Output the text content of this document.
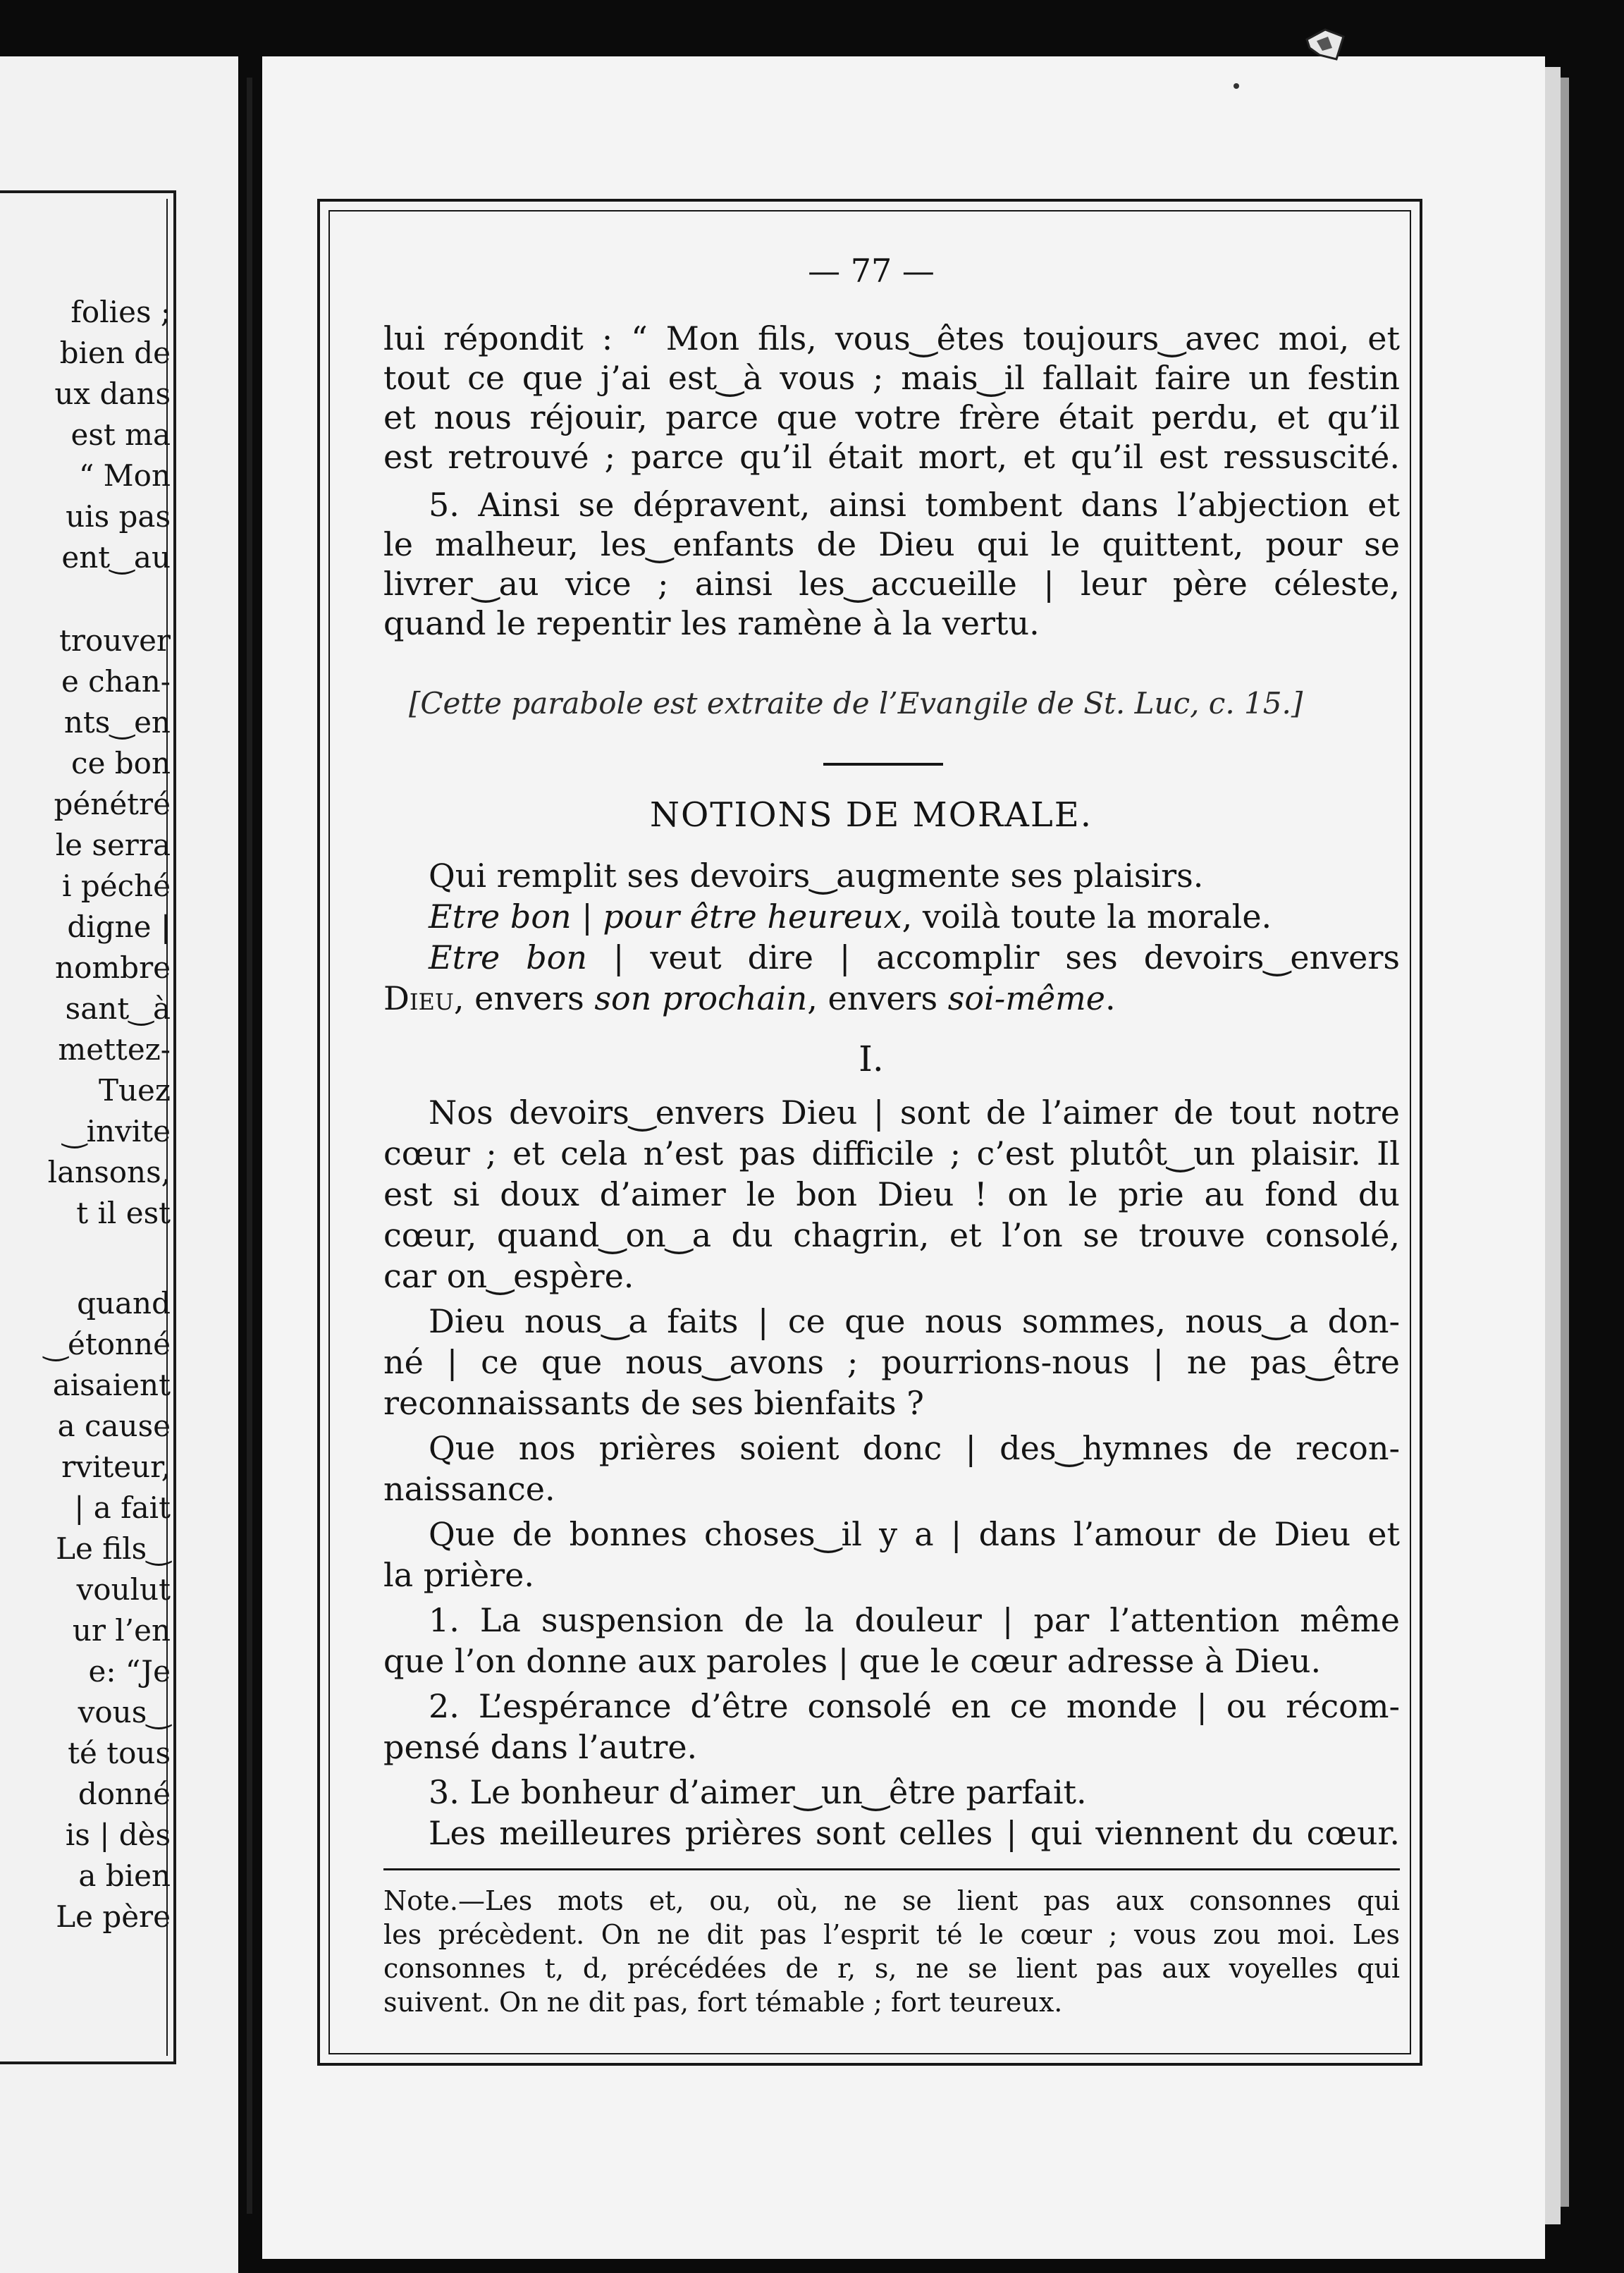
folies ;
bien de
ux dans
est ma
“ Mon
uis pas
ent‿au
trouver
e chan-
nts‿en
ce bon
pénétré
le serra
i péché
digne |
nombre
sant‿à
mettez-
Tuez
‿invite
lansons,
t il est
quand
‿étonné
aisaient
a cause
rviteur,
| a fait
Le fils‿
voulut
ur l’en
e: “Je
vous‿
té tous
donné
is | dès
a bien
Le père
— 77 —
lui répondit : “ Mon fils, vous‿êtes toujours‿avec moi, et
tout ce que j’ai est‿à vous ; mais‿il fallait faire un festin
et nous réjouir, parce que votre frère était perdu, et qu’il
est retrouvé ; parce qu’il était mort, et qu’il est ressuscité.
5. Ainsi se dépravent, ainsi tombent dans l’abjection et
le malheur, les‿enfants de Dieu qui le quittent, pour se
livrer‿au vice ; ainsi les‿accueille | leur père céleste,
quand le repentir les ramène à la vertu.
[Cette parabole est extraite de l’Evangile de St. Luc, c. 15.]
NOTIONS DE MORALE.
Qui remplit ses devoirs‿augmente ses plaisirs.
Etre bon | pour être heureux, voilà toute la morale.
Etre bon | veut dire | accomplir ses devoirs‿envers
Dieu, envers son prochain, envers soi-même.
I.
Nos devoirs‿envers Dieu | sont de l’aimer de tout notre
cœur ; et cela n’est pas difficile ; c’est plutôt‿un plaisir. Il
est si doux d’aimer le bon Dieu ! on le prie au fond du
cœur, quand‿on‿a du chagrin, et l’on se trouve consolé,
car on‿espère.
Dieu nous‿a faits | ce que nous sommes, nous‿a don-
né | ce que nous‿avons ; pourrions-nous | ne pas‿être
reconnaissants de ses bienfaits ?
Que nos prières soient donc | des‿hymnes de recon-
naissance.
Que de bonnes choses‿il y a | dans l’amour de Dieu et
la prière.
1. La suspension de la douleur | par l’attention même
que l’on donne aux paroles | que le cœur adresse à Dieu.
2. L’espérance d’être consolé en ce monde | ou récom-
pensé dans l’autre.
3. Le bonheur d’aimer‿un‿être parfait.
Les meilleures prières sont celles | qui viennent du cœur.
Note.—Les mots et, ou, où, ne se lient pas aux consonnes qui
les précèdent. On ne dit pas l’esprit té le cœur ; vous zou moi. Les
consonnes t, d, précédées de r, s, ne se lient pas aux voyelles qui
suivent. On ne dit pas, fort témable ; fort teureux.
